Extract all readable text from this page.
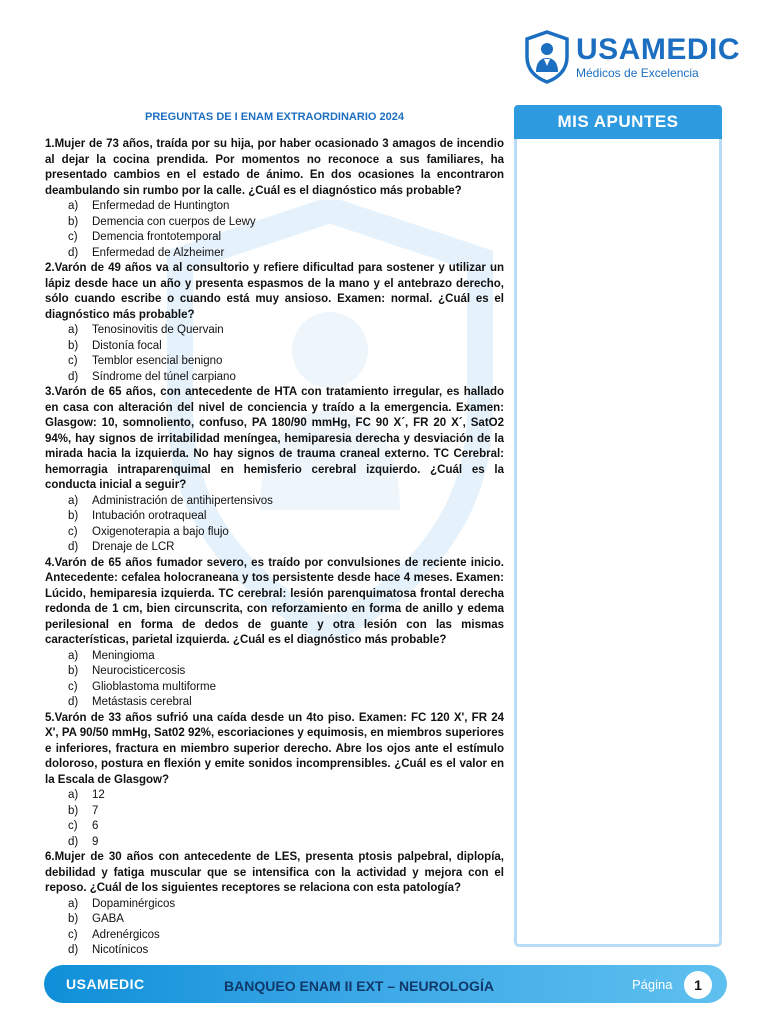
USAMEDIC
Médicos de Excelencia
PREGUNTAS DE I ENAM EXTRAORDINARIO 2024
1.Mujer de 73 años, traída por su hija, por haber ocasionado 3 amagos de incendio al dejar la cocina prendida. Por momentos no reconoce a sus familiares, ha presentado cambios en el estado de ánimo. En dos ocasiones la encontraron deambulando sin rumbo por la calle. ¿Cuál es el diagnóstico más probable?
a)	Enfermedad de Huntington
b)	Demencia con cuerpos de Lewy
c)	Demencia frontotemporal
d)	Enfermedad de Alzheimer
2.Varón de 49 años va al consultorio y refiere dificultad para sostener y utilizar un lápiz desde hace un año y presenta espasmos de la mano y el antebrazo derecho, sólo cuando escribe o cuando está muy ansioso. Examen: normal. ¿Cuál es el diagnóstico más probable?
a)	Tenosinovitis de Quervain
b)	Distonía focal
c)	Temblor esencial benigno
d)	Síndrome del túnel carpiano
3.Varón de 65 años, con antecedente de HTA con tratamiento irregular, es hallado en casa con alteración del nivel de conciencia y traído a la emergencia. Examen: Glasgow: 10, somnoliento, confuso, PA 180/90 mmHg, FC 90 X´, FR 20 X´, SatO2 94%, hay signos de irritabilidad meníngea, hemiparesia derecha y desviación de la mirada hacia la izquierda. No hay signos de trauma craneal externo. TC Cerebral: hemorragia intraparenquimal en hemisferio cerebral izquierdo. ¿Cuál es la conducta inicial a seguir?
a)	Administración de antihipertensivos
b)	Intubación orotraqueal
c)	Oxigenoterapia a bajo flujo
d)	Drenaje de LCR
4.Varón de 65 años fumador severo, es traído por convulsiones de reciente inicio. Antecedente: cefalea holocraneana y tos persistente desde hace 4 meses. Examen: Lúcido, hemiparesia izquierda. TC cerebral: lesión parenquimatosa frontal derecha redonda de 1 cm, bien circunscrita, con reforzamiento en forma de anillo y edema perilesional en forma de dedos de guante y otra lesión con las mismas características, parietal izquierda. ¿Cuál es el diagnóstico más probable?
a)	Meningioma
b)	Neurocisticercosis
c)	Glioblastoma multiforme
d)	Metástasis cerebral
5.Varón de 33 años sufrió una caída desde un 4to piso. Examen: FC 120 X', FR 24 X', PA 90/50 mmHg, Sat02 92%, escoriaciones y equimosis, en miembros superiores e inferiores, fractura en miembro superior derecho. Abre los ojos ante el estímulo doloroso, postura en flexión y emite sonidos incomprensibles. ¿Cuál es el valor en la Escala de Glasgow?
a)	12
b)	7
c)	6
d)	9
6.Mujer de 30 años con antecedente de LES, presenta ptosis palpebral, diplopía, debilidad y fatiga muscular que se intensifica con la actividad y mejora con el reposo. ¿Cuál de los siguientes receptores se relaciona con esta patología?
a)	Dopaminérgicos
b)	GABA
c)	Adrenérgicos
d)	Nicotínicos
MIS APUNTES
USAMEDIC	BANQUEO ENAM II EXT – NEUROLOGÍA	Página	1
